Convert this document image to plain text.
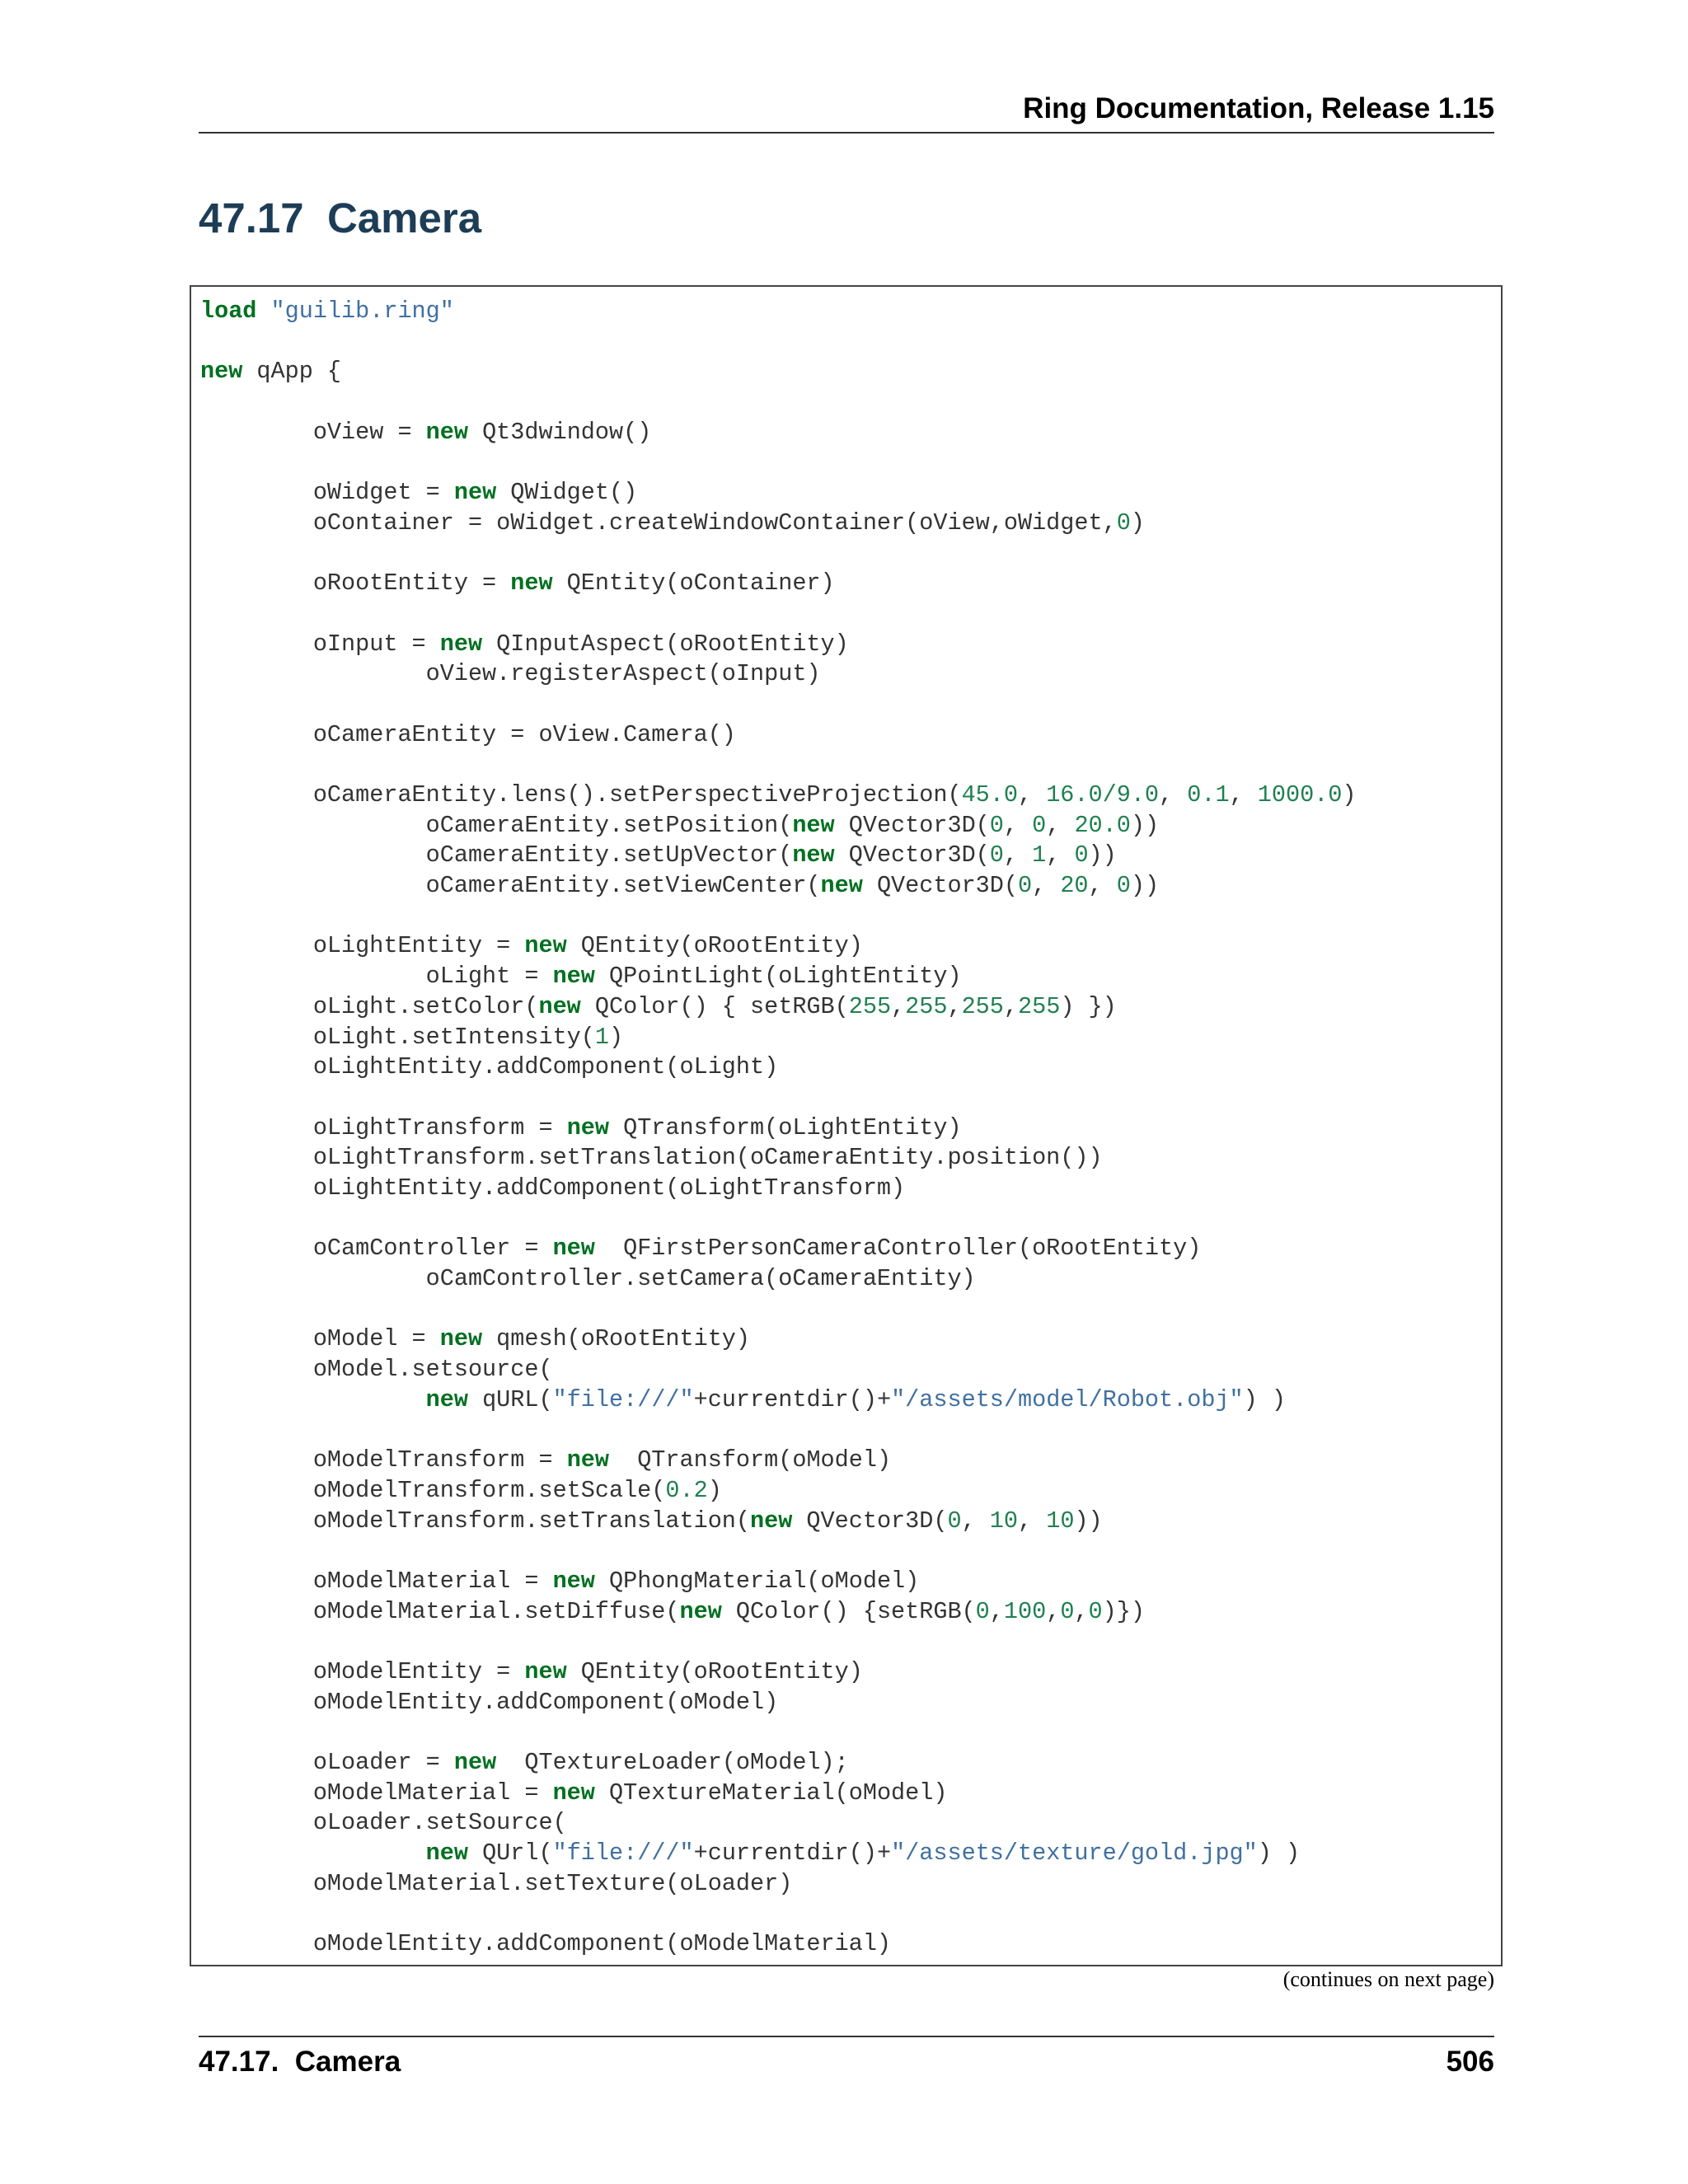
Ring Documentation, Release 1.15
47.17  Camera
load "guilib.ring"
new qApp {
oView = new Qt3dwindow()
oWidget = new QWidget()
oContainer = oWidget.createWindowContainer(oView,oWidget,0)
oRootEntity = new QEntity(oContainer)
oInput = new QInputAspect(oRootEntity)
oView.registerAspect(oInput)
oCameraEntity = oView.Camera()
oCameraEntity.lens().setPerspectiveProjection(45.0, 16.0/9.0, 0.1, 1000.0)
oCameraEntity.setPosition(new QVector3D(0, 0, 20.0))
oCameraEntity.setUpVector(new QVector3D(0, 1, 0))
oCameraEntity.setViewCenter(new QVector3D(0, 20, 0))
oLightEntity = new QEntity(oRootEntity)
oLight = new QPointLight(oLightEntity)
oLight.setColor(new QColor() { setRGB(255,255,255,255) })
oLight.setIntensity(1)
oLightEntity.addComponent(oLight)
oLightTransform = new QTransform(oLightEntity)
oLightTransform.setTranslation(oCameraEntity.position())
oLightEntity.addComponent(oLightTransform)
oCamController = new  QFirstPersonCameraController(oRootEntity)
oCamController.setCamera(oCameraEntity)
oModel = new qmesh(oRootEntity)
oModel.setsource(
new qURL("file:///"+currentdir()+"/assets/model/Robot.obj") )
oModelTransform = new  QTransform(oModel)
oModelTransform.setScale(0.2)
oModelTransform.setTranslation(new QVector3D(0, 10, 10))
oModelMaterial = new QPhongMaterial(oModel)
oModelMaterial.setDiffuse(new QColor() {setRGB(0,100,0,0)})
oModelEntity = new QEntity(oRootEntity)
oModelEntity.addComponent(oModel)
oLoader = new  QTextureLoader(oModel);
oModelMaterial = new QTextureMaterial(oModel)
oLoader.setSource(
new QUrl("file:///"+currentdir()+"/assets/texture/gold.jpg") )
oModelMaterial.setTexture(oLoader)
oModelEntity.addComponent(oModelMaterial)
(continues on next page)
47.17.  Camera	506
